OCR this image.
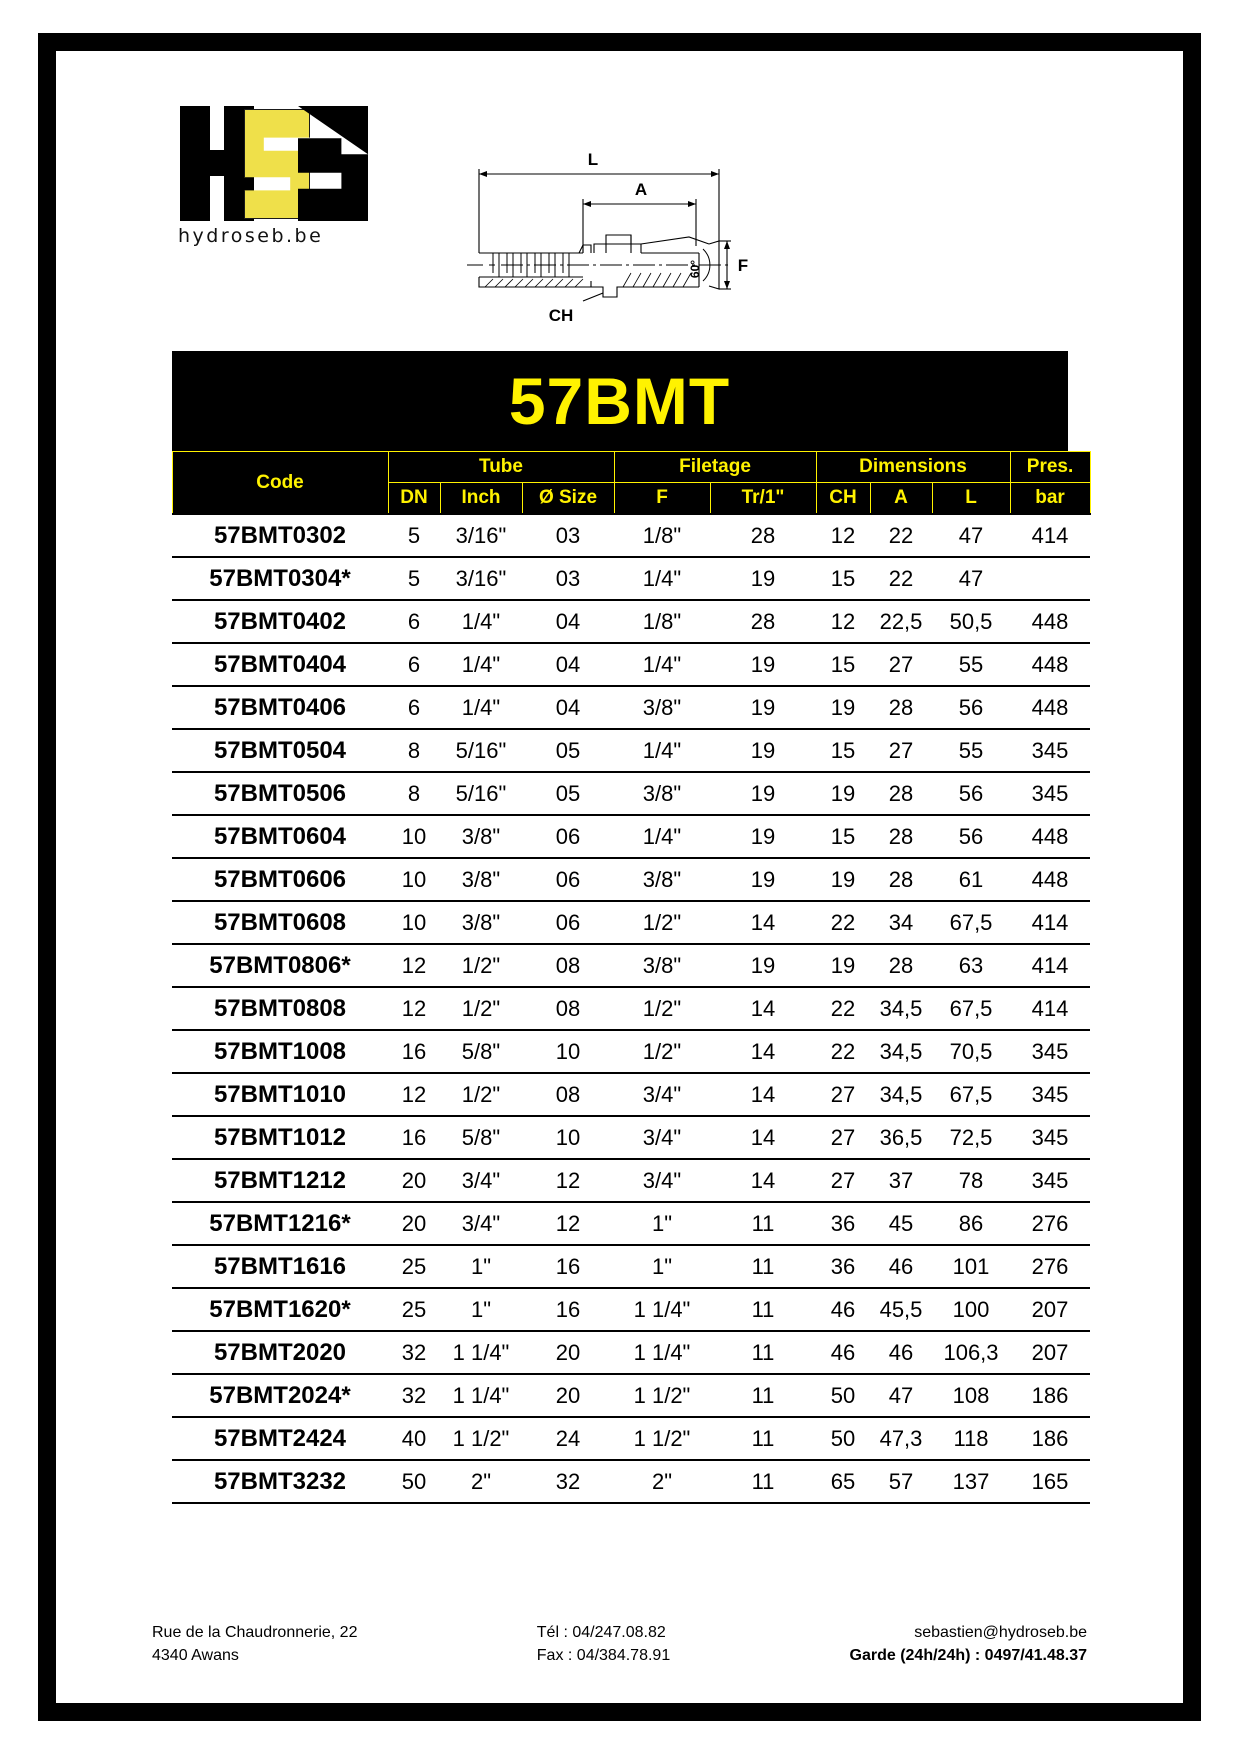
hydroseb.be
L
A
F
CH
60°
57BMT
Code	Tube			Filetage		Dimensions			Pres.
	DN	Inch	Ø Size	F	Tr/1"	CH	A	L	bar
57BMT0302	5	3/16"	03	1/8"	28	12	22	47	414
57BMT0304*	5	3/16"	03	1/4"	19	15	22	47	
57BMT0402	6	1/4"	04	1/8"	28	12	22,5	50,5	448
57BMT0404	6	1/4"	04	1/4"	19	15	27	55	448
57BMT0406	6	1/4"	04	3/8"	19	19	28	56	448
57BMT0504	8	5/16"	05	1/4"	19	15	27	55	345
57BMT0506	8	5/16"	05	3/8"	19	19	28	56	345
57BMT0604	10	3/8"	06	1/4"	19	15	28	56	448
57BMT0606	10	3/8"	06	3/8"	19	19	28	61	448
57BMT0608	10	3/8"	06	1/2"	14	22	34	67,5	414
57BMT0806*	12	1/2"	08	3/8"	19	19	28	63	414
57BMT0808	12	1/2"	08	1/2"	14	22	34,5	67,5	414
57BMT1008	16	5/8"	10	1/2"	14	22	34,5	70,5	345
57BMT1010	12	1/2"	08	3/4"	14	27	34,5	67,5	345
57BMT1012	16	5/8"	10	3/4"	14	27	36,5	72,5	345
57BMT1212	20	3/4"	12	3/4"	14	27	37	78	345
57BMT1216*	20	3/4"	12	1"	11	36	45	86	276
57BMT1616	25	1"	16	1"	11	36	46	101	276
57BMT1620*	25	1"	16	1 1/4"	11	46	45,5	100	207
57BMT2020	32	1 1/4"	20	1 1/4"	11	46	46	106,3	207
57BMT2024*	32	1 1/4"	20	1 1/2"	11	50	47	108	186
57BMT2424	40	1 1/2"	24	1 1/2"	11	50	47,3	118	186
57BMT3232	50	2"	32	2"	11	65	57	137	165
Rue de la Chaudronnerie, 22
4340 Awans
Tél : 04/247.08.82
Fax : 04/384.78.91
sebastien@hydroseb.be
Garde (24h/24h) : 0497/41.48.37
